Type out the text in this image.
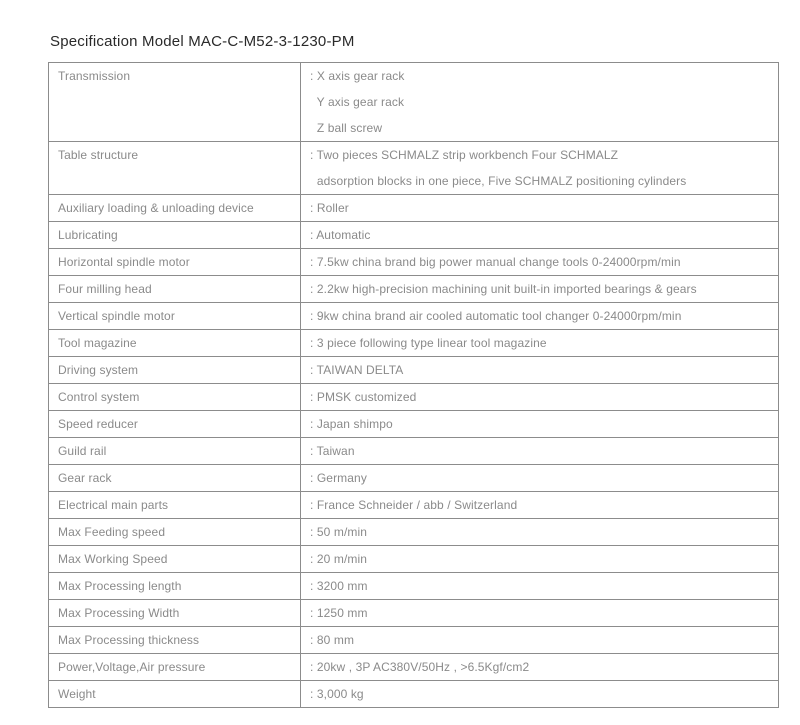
Specification Model MAC-C-M52-3-1230-PM
Transmission	: X axis gear rack
Y axis gear rack
Z ball screw

Table structure	: Two pieces SCHMALZ strip workbench Four SCHMALZ
adsorption blocks in one piece, Five SCHMALZ positioning cylinders

Auxiliary loading & unloading device	: Roller

Lubricating	: Automatic

Horizontal spindle motor	: 7.5kw china brand big power manual change tools 0-24000rpm/min

Four milling head	: 2.2kw high-precision machining unit built-in imported bearings & gears

Vertical spindle motor	: 9kw china brand air cooled automatic tool changer 0-24000rpm/min

Tool magazine	: 3 piece following type linear tool magazine

Driving system	: TAIWAN DELTA

Control system	: PMSK customized

Speed reducer	: Japan shimpo

Guild rail	: Taiwan

Gear rack	: Germany

Electrical main parts	: France Schneider / abb / Switzerland

Max Feeding speed	: 50 m/min

Max Working Speed	: 20 m/min

Max Processing length	: 3200 mm

Max Processing Width	: 1250 mm

Max Processing thickness	: 80 mm

Power,Voltage,Air pressure	: 20kw , 3P AC380V/50Hz , >6.5Kgf/cm2

Weight	: 3,000 kg
